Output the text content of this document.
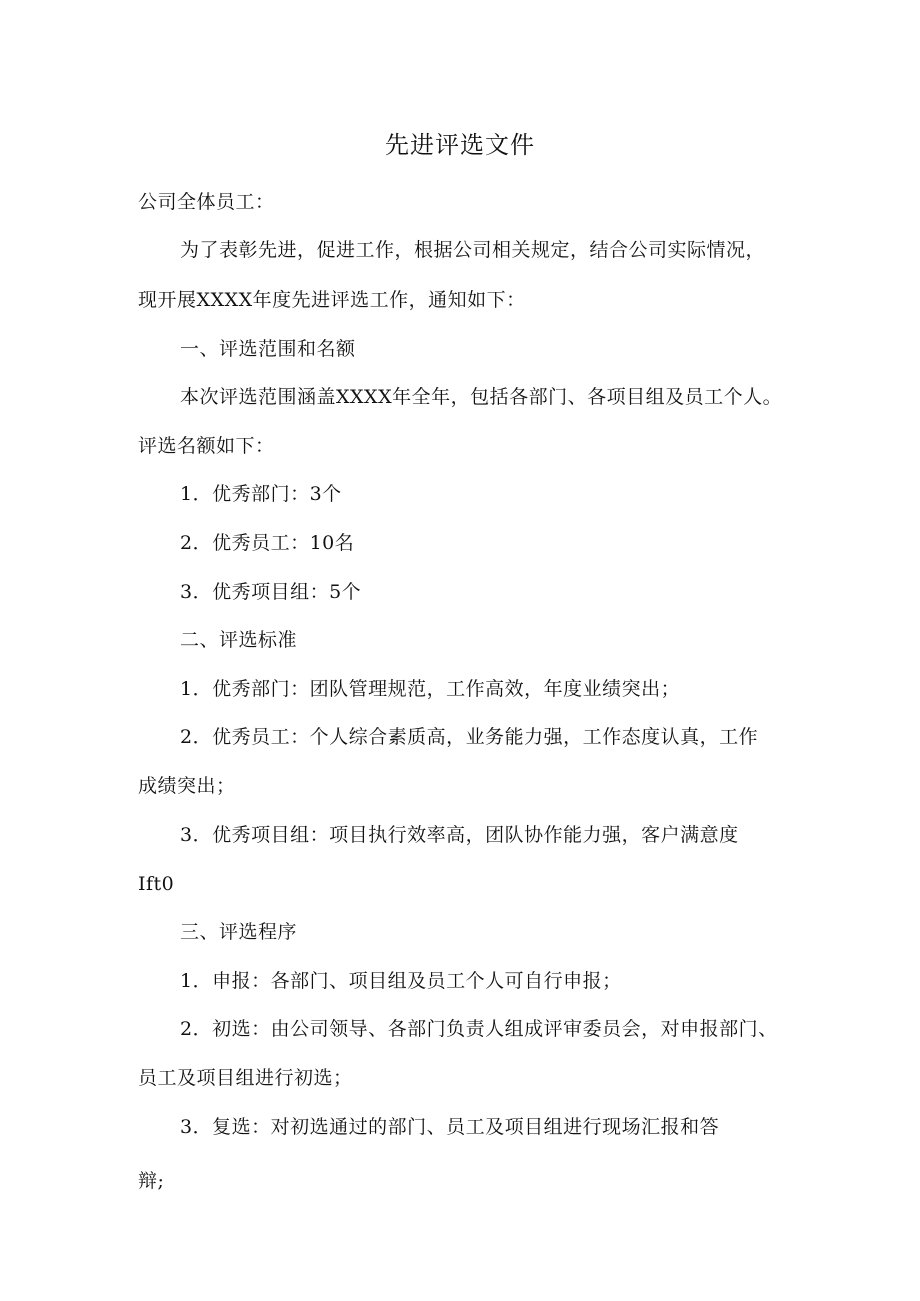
先进评选文件
公司全体员工：
为了表彰先进，促进工作，根据公司相关规定，结合公司实际情况，
现开展XXXX年度先进评选工作，通知如下：
一、评选范围和名额
本次评选范围涵盖XXXX年全年，包括各部门、各项目组及员工个人。
评选名额如下：
1．优秀部门：3个
2．优秀员工：10名
3．优秀项目组：5个
二、评选标准
1．优秀部门：团队管理规范，工作高效，年度业绩突出；
2．优秀员工：个人综合素质高，业务能力强，工作态度认真，工作
成绩突出；
3．优秀项目组：项目执行效率高，团队协作能力强，客户满意度
Ift0
三、评选程序
1．申报：各部门、项目组及员工个人可自行申报；
2．初选：由公司领导、各部门负责人组成评审委员会，对申报部门、
员工及项目组进行初选；
3．复选：对初选通过的部门、员工及项目组进行现场汇报和答
辩;
